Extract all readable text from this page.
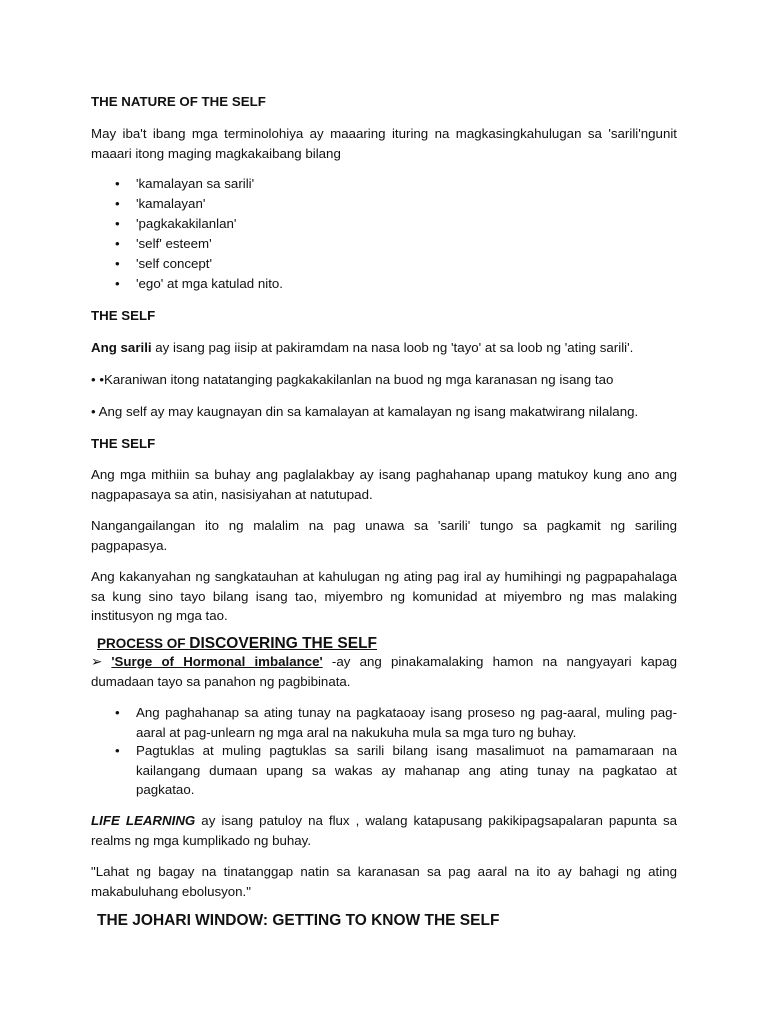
THE NATURE OF THE SELF

May iba't ibang mga terminolohiya ay maaaring ituring na magkasingkahulugan sa 'sarili'ngunit maaari itong maging magkakaibang bilang

• 'kamalayan sa sarili'
• 'kamalayan'
• 'pagkakakilanlan'
• 'self' esteem'
• 'self concept'
• 'ego' at mga katulad nito.
THE SELF

Ang sarili ay isang pag iisip at pakiramdam na nasa loob ng 'tayo' at sa loob ng 'ating sarili'.

• •Karaniwan itong natatanging pagkakakilanlan na buod ng mga karanasan ng isang tao

• Ang self ay may kaugnayan din sa kamalayan at kamalayan ng isang makatwirang nilalang.

THE SELF

Ang mga mithiin sa buhay ang paglalakbay ay isang paghahanap upang matukoy kung ano ang nagpapasaya sa atin, nasisiyahan at natutupad.

Nangangailangan ito ng malalim na pag unawa sa 'sarili' tungo sa pagkamit ng sariling pagpapasya.

Ang kakanyahan ng sangkatauhan at kahulugan ng ating pag iral ay humihingi ng pagpapahalaga sa kung sino tayo bilang isang tao, miyembro ng komunidad at miyembro ng mas malaking institusyon ng mga tao.

PROCESS OF DISCOVERING THE SELF

➢ 'Surge of Hormonal imbalance' -ay ang pinakamalaking hamon na nangyayari kapag dumadaan tayo sa panahon ng pagbibinata.

• Ang paghahanap sa ating tunay na pagkataoay isang proseso ng pag-aaral, muling pag-aaral at pag-unlearn ng mga aral na nakukuha mula sa mga turo ng buhay.
• Pagtuklas at muling pagtuklas sa sarili bilang isang masalimuot na pamamaraan na kailangang dumaan upang sa wakas ay mahanap ang ating tunay na pagkatao at pagkatao.

LIFE LEARNING ay isang patuloy na flux , walang katapusang pakikipagsapalaran papunta sa realms ng mga kumplikado ng buhay.

"Lahat ng bagay na tinatanggap natin sa karanasan sa pag aaral na ito ay bahagi ng ating makabuluhang ebolusyon."

THE JOHARI WINDOW: GETTING TO KNOW THE SELF
